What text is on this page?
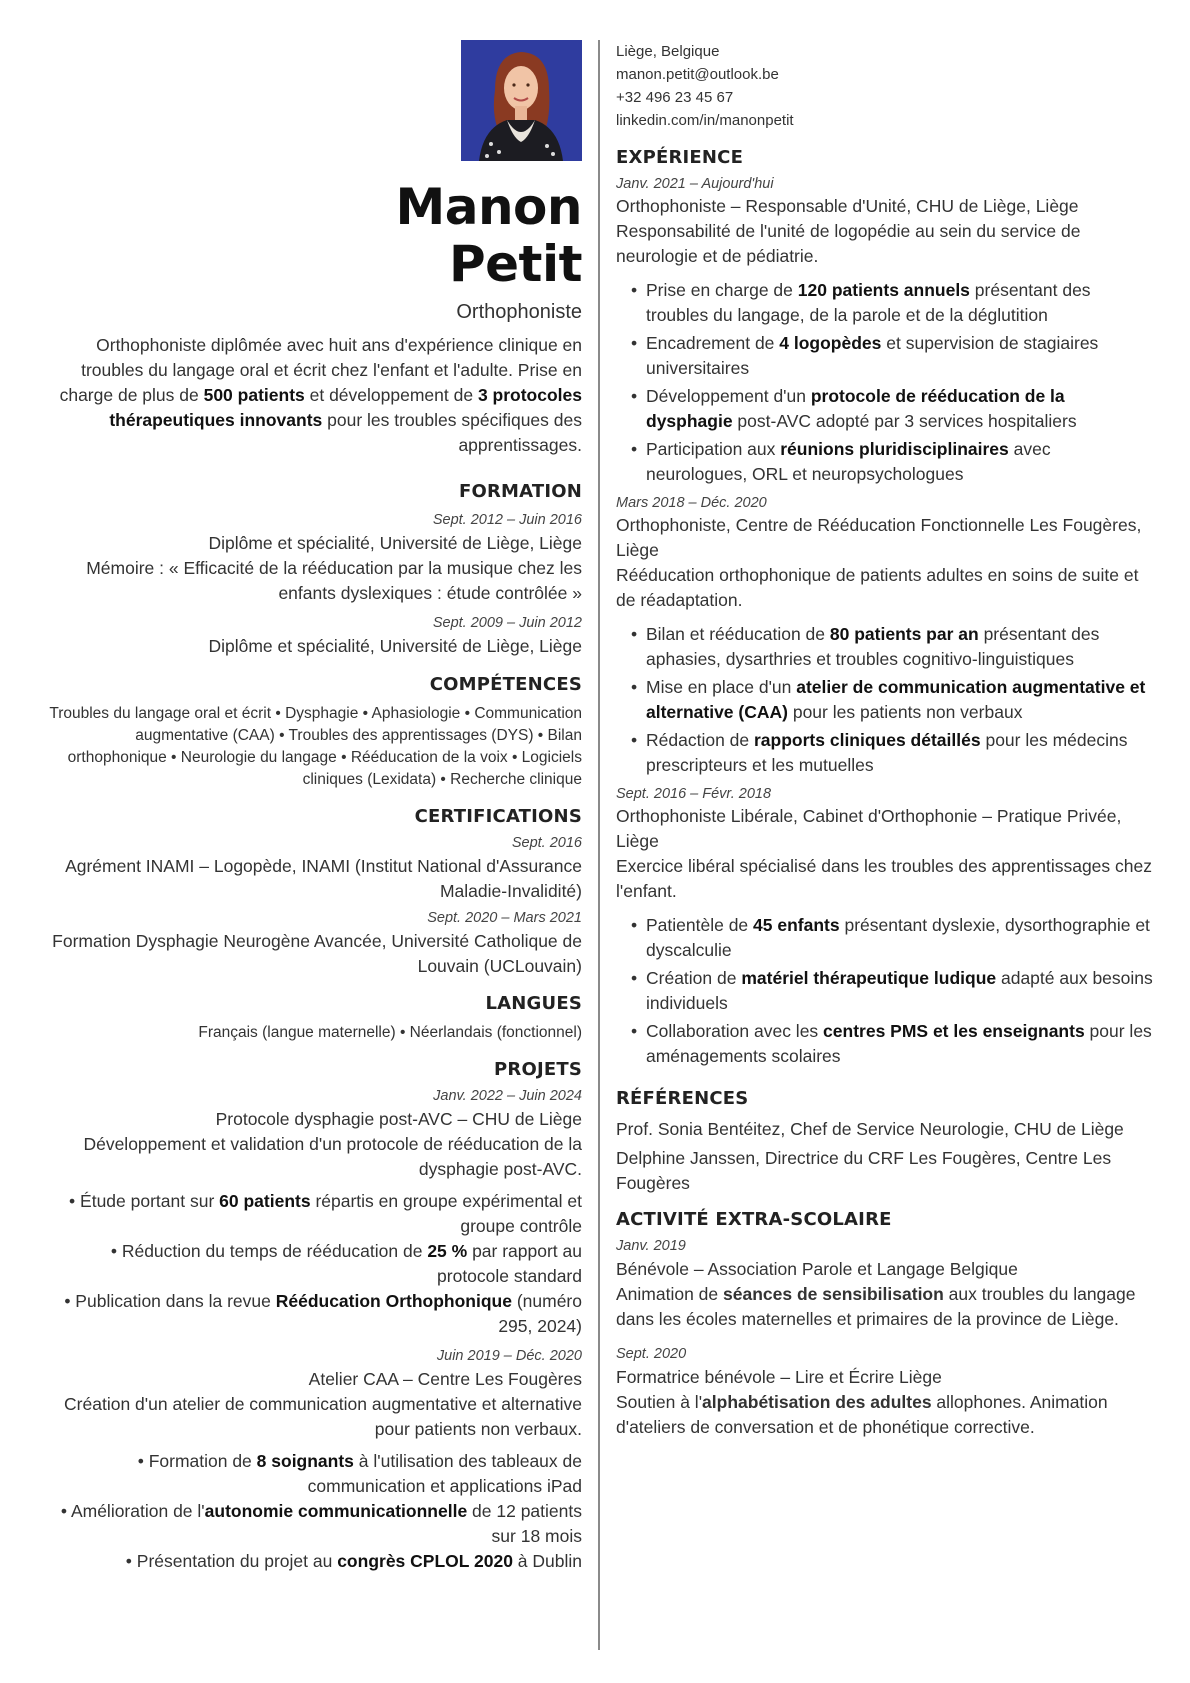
Manon
Petit
Orthophoniste
Orthophoniste diplômée avec huit ans d'expérience clinique en troubles du langage oral et écrit chez l'enfant et l'adulte. Prise en charge de plus de 500 patients et développement de 3 protocoles thérapeutiques innovants pour les troubles spécifiques des apprentissages.
FORMATION
Sept. 2012 – Juin 2016
Diplôme et spécialité, Université de Liège, Liège
Mémoire : « Efficacité de la rééducation par la musique chez les enfants dyslexiques : étude contrôlée »
Sept. 2009 – Juin 2012
Diplôme et spécialité, Université de Liège, Liège
COMPÉTENCES
Troubles du langage oral et écrit • Dysphagie • Aphasiologie • Communication augmentative (CAA) • Troubles des apprentissages (DYS) • Bilan orthophonique • Neurologie du langage • Rééducation de la voix • Logiciels cliniques (Lexidata) • Recherche clinique
CERTIFICATIONS
Sept. 2016
Agrément INAMI – Logopède, INAMI (Institut National d'Assurance Maladie-Invalidité)
Sept. 2020 – Mars 2021
Formation Dysphagie Neurogène Avancée, Université Catholique de Louvain (UCLouvain)
LANGUES
Français (langue maternelle) • Néerlandais (fonctionnel)
PROJETS
Janv. 2022 – Juin 2024
Protocole dysphagie post-AVC – CHU de Liège
Développement et validation d'un protocole de rééducation de la dysphagie post-AVC.
• Étude portant sur 60 patients répartis en groupe expérimental et groupe contrôle
• Réduction du temps de rééducation de 25 % par rapport au protocole standard
• Publication dans la revue Rééducation Orthophonique (numéro 295, 2024)
Juin 2019 – Déc. 2020
Atelier CAA – Centre Les Fougères
Création d'un atelier de communication augmentative et alternative pour patients non verbaux.
• Formation de 8 soignants à l'utilisation des tableaux de communication et applications iPad
• Amélioration de l'autonomie communicationnelle de 12 patients sur 18 mois
• Présentation du projet au congrès CPLOL 2020 à Dublin
Liège, Belgique
manon.petit@outlook.be
+32 496 23 45 67
linkedin.com/in/manonpetit
EXPÉRIENCE
Janv. 2021 – Aujourd'hui
Orthophoniste – Responsable d'Unité, CHU de Liège, Liège
Responsabilité de l'unité de logopédie au sein du service de neurologie et de pédiatrie.
• Prise en charge de 120 patients annuels présentant des troubles du langage, de la parole et de la déglutition
• Encadrement de 4 logopèdes et supervision de stagiaires universitaires
• Développement d'un protocole de rééducation de la dysphagie post-AVC adopté par 3 services hospitaliers
• Participation aux réunions pluridisciplinaires avec neurologues, ORL et neuropsychologues
Mars 2018 – Déc. 2020
Orthophoniste, Centre de Rééducation Fonctionnelle Les Fougères, Liège
Rééducation orthophonique de patients adultes en soins de suite et de réadaptation.
• Bilan et rééducation de 80 patients par an présentant des aphasies, dysarthries et troubles cognitivo-linguistiques
• Mise en place d'un atelier de communication augmentative et alternative (CAA) pour les patients non verbaux
• Rédaction de rapports cliniques détaillés pour les médecins prescripteurs et les mutuelles
Sept. 2016 – Févr. 2018
Orthophoniste Libérale, Cabinet d'Orthophonie – Pratique Privée, Liège
Exercice libéral spécialisé dans les troubles des apprentissages chez l'enfant.
• Patientèle de 45 enfants présentant dyslexie, dysorthographie et dyscalculie
• Création de matériel thérapeutique ludique adapté aux besoins individuels
• Collaboration avec les centres PMS et les enseignants pour les aménagements scolaires
RÉFÉRENCES
Prof. Sonia Bentéitez, Chef de Service Neurologie, CHU de Liège
Delphine Janssen, Directrice du CRF Les Fougères, Centre Les Fougères
ACTIVITÉ EXTRA-SCOLAIRE
Janv. 2019
Bénévole – Association Parole et Langage Belgique
Animation de séances de sensibilisation aux troubles du langage dans les écoles maternelles et primaires de la province de Liège.
Sept. 2020
Formatrice bénévole – Lire et Écrire Liège
Soutien à l'alphabétisation des adultes allophones. Animation d'ateliers de conversation et de phonétique corrective.
